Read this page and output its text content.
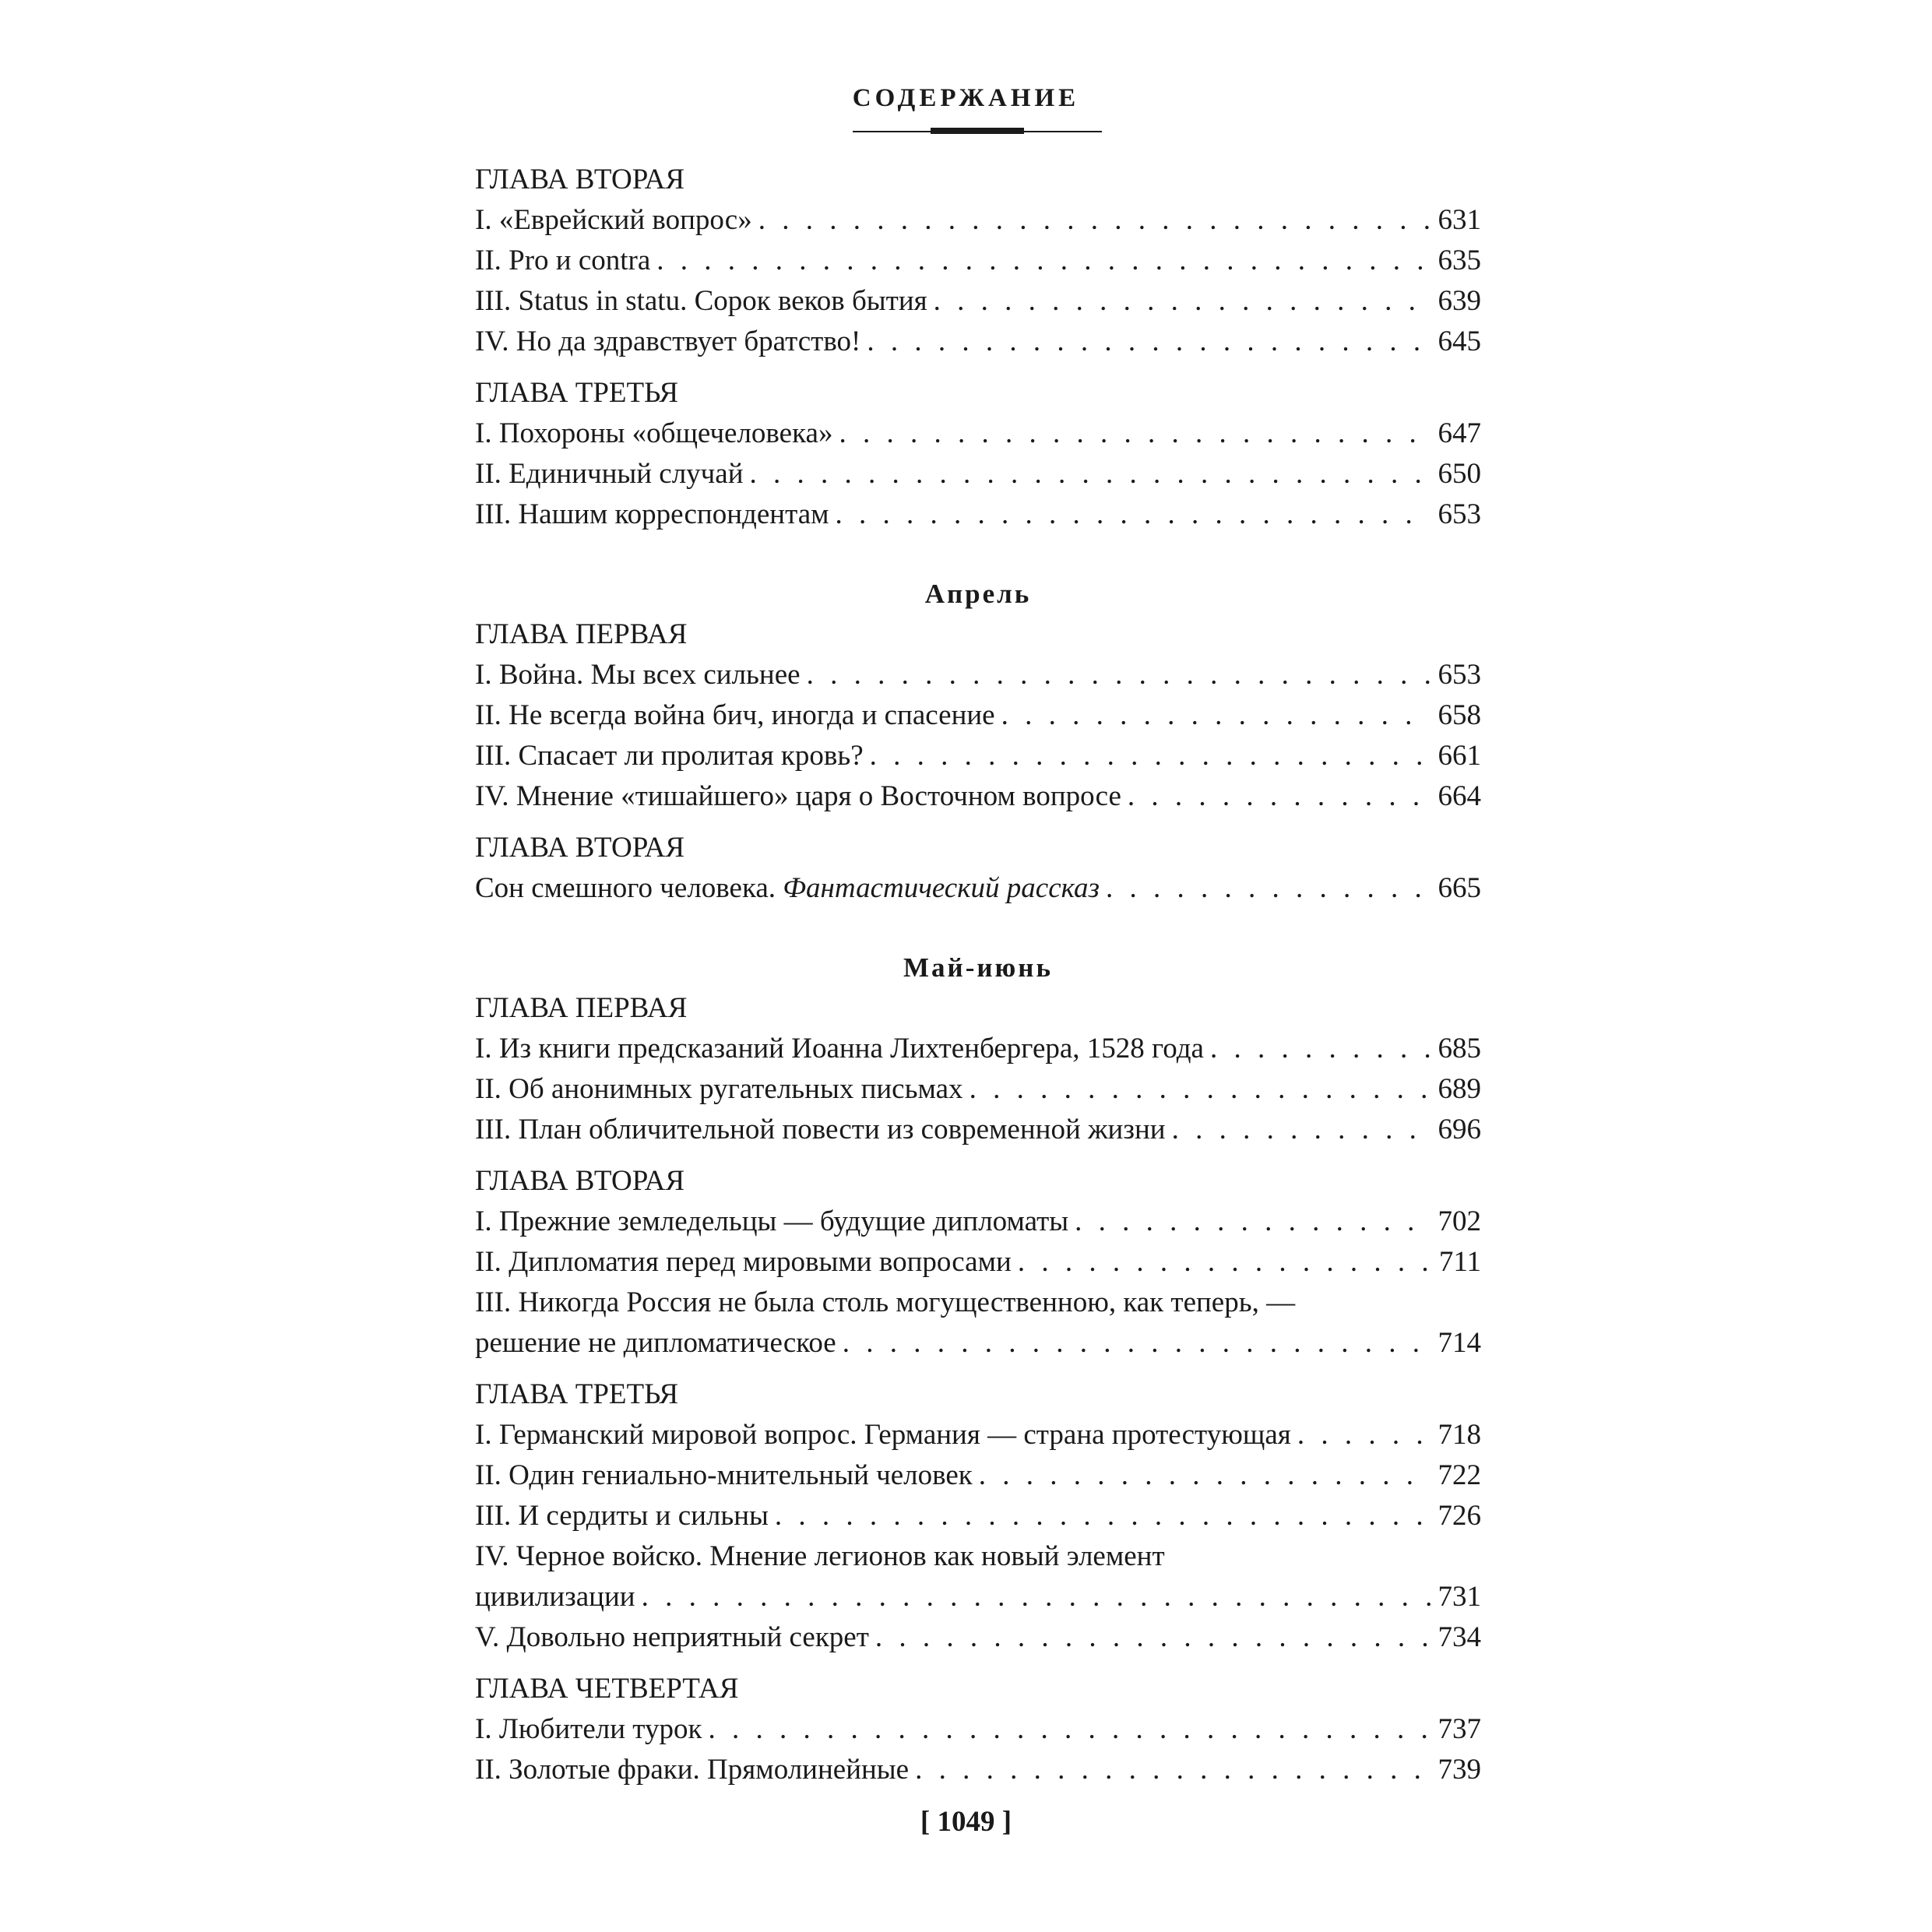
СОДЕРЖАНИЕ
ГЛАВА ВТОРАЯ
I. «Еврейский вопрос» . . .	631
II. Pro и contra . . .	635
III. Status in statu. Сорок веков бытия . . .	639
IV. Но да здравствует братство! . . .	645
ГЛАВА ТРЕТЬЯ
I. Похороны «общечеловека» . . .	647
II. Единичный случай . . .	650
III. Нашим корреспондентам . . .	653
Апрель
ГЛАВА ПЕРВАЯ
I. Война. Мы всех сильнее . . .	653
II. Не всегда война бич, иногда и спасение . . .	658
III. Спасает ли пролитая кровь? . . .	661
IV. Мнение «тишайшего» царя о Восточном вопросе . . .	664
ГЛАВА ВТОРАЯ
Сон смешного человека. Фантастический рассказ . . .	665
Май-июнь
ГЛАВА ПЕРВАЯ
I. Из книги предсказаний Иоанна Лихтенбергера, 1528 года . . .	685
II. Об анонимных ругательных письмах . . .	689
III. План обличительной повести из современной жизни . . .	696
ГЛАВА ВТОРАЯ
I. Прежние земледельцы — будущие дипломаты . . .	702
II. Дипломатия перед мировыми вопросами . . .	711
III. Никогда Россия не была столь могущественною, как теперь, —
решение не дипломатическое . . .	714
ГЛАВА ТРЕТЬЯ
I. Германский мировой вопрос. Германия — страна протестующая . . .	718
II. Один гениально-мнительный человек . . .	722
III. И сердиты и сильны . . .	726
IV. Черное войско. Мнение легионов как новый элемент
цивилизации . . .	731
V. Довольно неприятный секрет . . .	734
ГЛАВА ЧЕТВЕРТАЯ
I. Любители турок . . .	737
II. Золотые фраки. Прямолинейные . . .	739
[ 1049 ]
